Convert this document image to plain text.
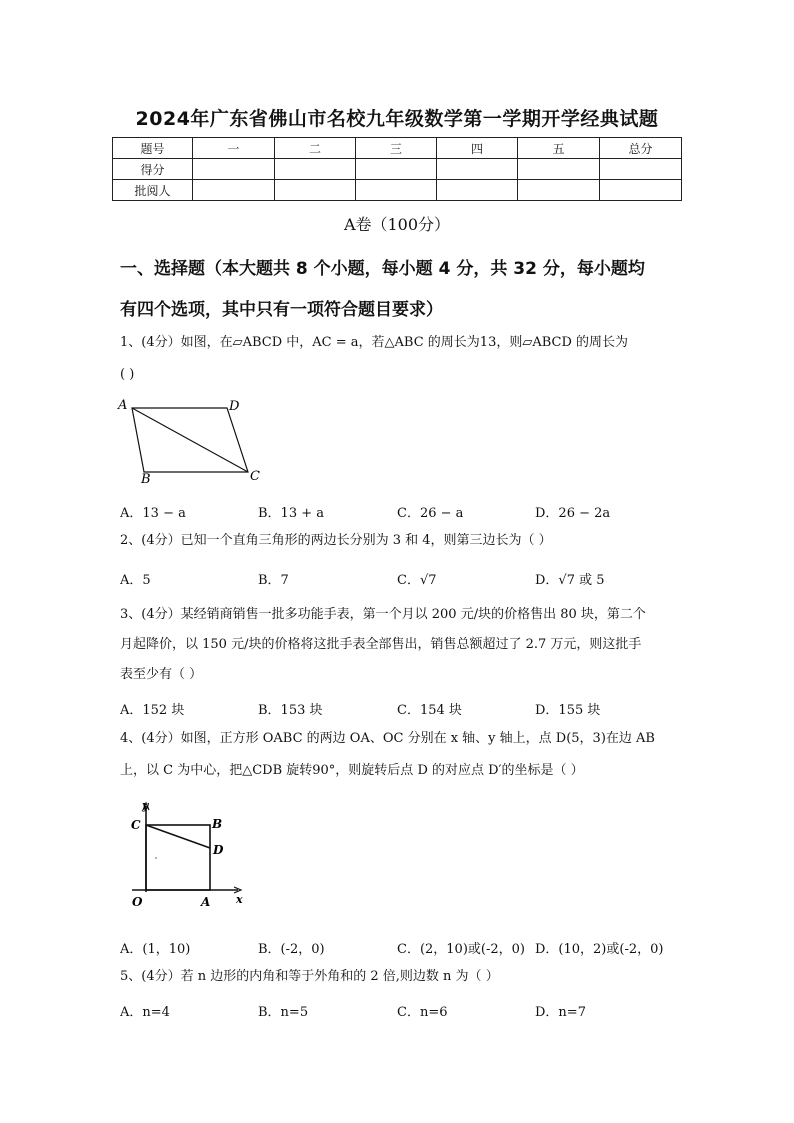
2024年广东省佛山市名校九年级数学第一学期开学经典试题
题号	一	二	三	四	五	总分
得分						
批阅人						
A卷（100分）
一、选择题（本大题共 8 个小题，每小题 4 分，共 32 分，每小题均
有四个选项，其中只有一项符合题目要求）
1、(4分）如图，在▱ABCD 中，AC = a，若△ABC 的周长为13，则▱ABCD 的周长为
( )
A	D
B	C
A．13 − a	B．13 + a	C．26 − a	D．26 − 2a
2、(4分）已知一个直角三角形的两边长分别为 3 和 4，则第三边长为（ ）
A．5	B．7	C．√7	D．√7 或 5
3、(4分）某经销商销售一批多功能手表，第一个月以 200 元/块的价格售出 80 块，第二个
月起降价，以 150 元/块的价格将这批手表全部售出，销售总额超过了 2.7 万元，则这批手
表至少有（ ）
A．152 块	B．153 块	C．154 块	D．155 块
4、(4分）如图，正方形 OABC 的两边 OA、OC 分别在 x 轴、y 轴上，点 D(5，3)在边 AB
上，以 C 为中心，把△CDB 旋转90°，则旋转后点 D 的对应点 D′的坐标是（ ）
y
C	B
D
O	A x
A．(1，10)	B．(-2，0)	C．(2，10)或(-2，0) D．(10，2)或(-2，0)
5、(4分）若 n 边形的内角和等于外角和的 2 倍,则边数 n 为（ ）
A．n=4	B．n=5	C．n=6	D．n=7
